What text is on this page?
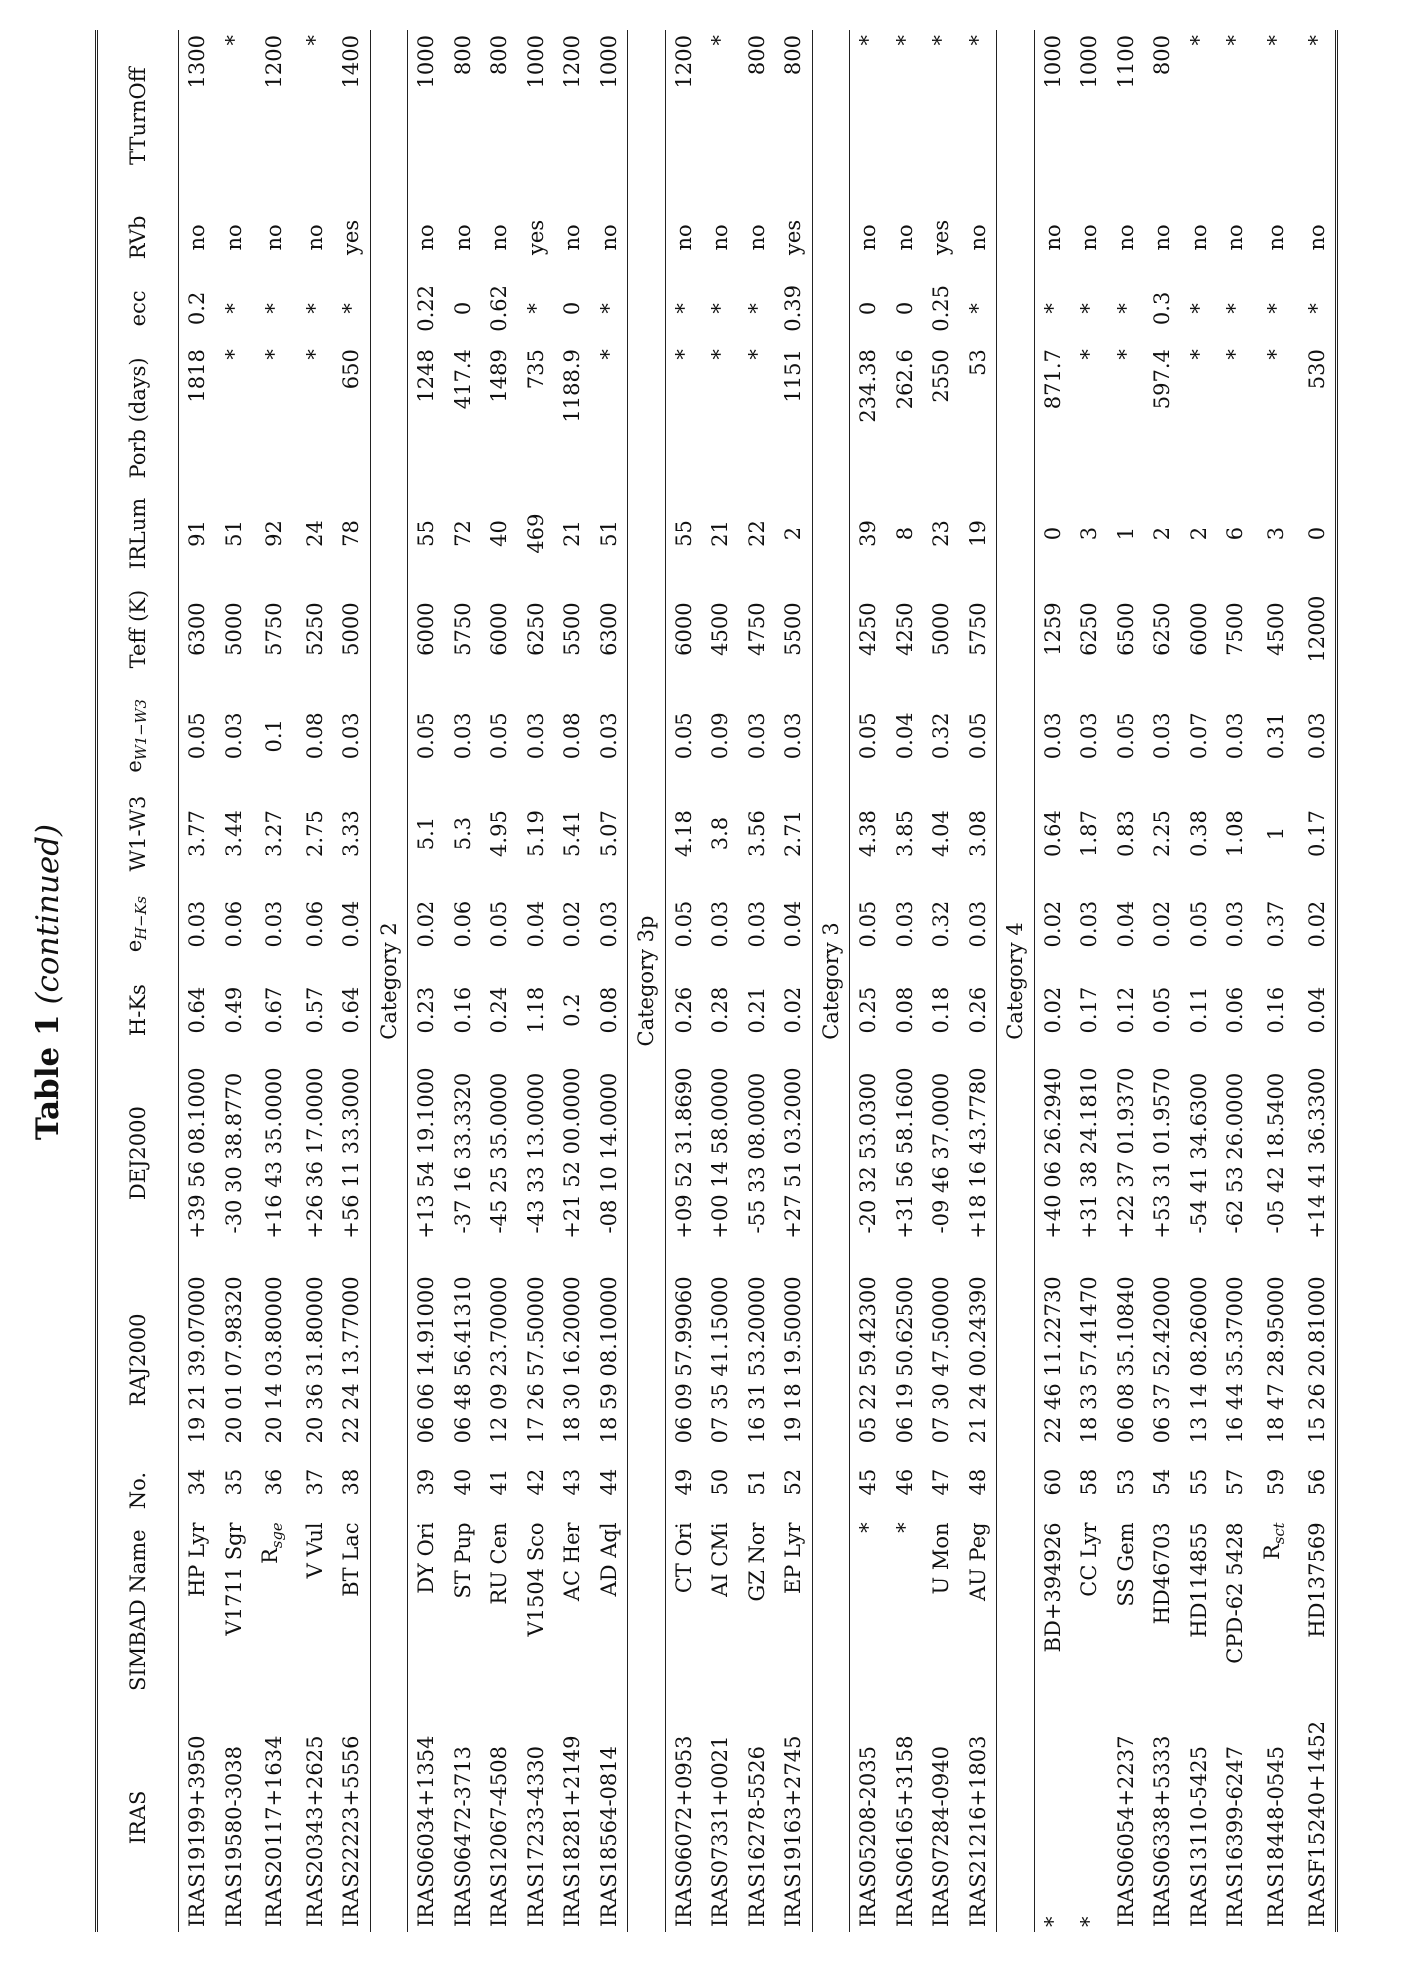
Table 1 (continued)
IRAS	SIMBAD Name	No.	RAJ2000	DEJ2000	H-Ks	$e_{H-Ks}$	W1-W3	$e_{W1-W3}$	Teff (K)	IRLum	Porb (days)	ecc	RVb	TTurnOff
IRAS19199+3950	HP Lyr	34	19 21 39.07000	+39 56 08.1000	0.64	0.03	3.77	0.05	6300	91	1818	0.2	no	1300
IRAS19580-3038	V1711 Sgr	35	20 01 07.98320	-30 30 38.8770	0.49	0.06	3.44	0.03	5000	51	*	*	no	*
IRAS20117+1634	$R_{sge}$	36	20 14 03.80000	+16 43 35.0000	0.67	0.03	3.27	0.1	5750	92	*	*	no	1200
IRAS20343+2625	V Vul	37	20 36 31.80000	+26 36 17.0000	0.57	0.06	2.75	0.08	5250	24	*	*	no	*
IRAS22223+5556	BT Lac	38	22 24 13.77000	+56 11 33.3000	0.64	0.04	3.33	0.03	5000	78	650	*	yes	1400
Category 2														
IRAS06034+1354	DY Ori	39	06 06 14.91000	+13 54 19.1000	0.23	0.02	5.1	0.05	6000	55	1248	0.22	no	1000
IRAS06472-3713	ST Pup	40	06 48 56.41310	-37 16 33.3320	0.16	0.06	5.3	0.03	5750	72	417.4	0	no	800
IRAS12067-4508	RU Cen	41	12 09 23.70000	-45 25 35.0000	0.24	0.05	4.95	0.05	6000	40	1489	0.62	no	800
IRAS17233-4330	V1504 Sco	42	17 26 57.50000	-43 33 13.0000	1.18	0.04	5.19	0.03	6250	469	735	*	yes	1000
IRAS18281+2149	AC Her	43	18 30 16.20000	+21 52 00.0000	0.2	0.02	5.41	0.08	5500	21	1188.9	0	no	1200
IRAS18564-0814	AD Aql	44	18 59 08.10000	-08 10 14.0000	0.08	0.03	5.07	0.03	6300	51	*	*	no	1000
Category 3p														
IRAS06072+0953	CT Ori	49	06 09 57.99060	+09 52 31.8690	0.26	0.05	4.18	0.05	6000	55	*	*	no	1200
IRAS07331+0021	AI CMi	50	07 35 41.15000	+00 14 58.0000	0.28	0.03	3.8	0.09	4500	21	*	*	no	*
IRAS16278-5526	GZ Nor	51	16 31 53.20000	-55 33 08.0000	0.21	0.03	3.56	0.03	4750	22	*	*	no	800
IRAS19163+2745	EP Lyr	52	19 18 19.50000	+27 51 03.2000	0.02	0.04	2.71	0.03	5500	2	1151	0.39	yes	800
Category 3														
IRAS05208-2035	*	45	05 22 59.42300	-20 32 53.0300	0.25	0.05	4.38	0.05	4250	39	234.38	0	no	*
IRAS06165+3158	*	46	06 19 50.62500	+31 56 58.1600	0.08	0.03	3.85	0.04	4250	8	262.6	0	no	*
IRAS07284-0940	U Mon	47	07 30 47.50000	-09 46 37.0000	0.18	0.32	4.04	0.32	5000	23	2550	0.25	yes	*
IRAS21216+1803	AU Peg	48	21 24 00.24390	+18 16 43.7780	0.26	0.03	3.08	0.05	5750	19	53	*	no	*
Category 4														
*	BD+394926	60	22 46 11.22730	+40 06 26.2940	0.02	0.02	0.64	0.03	1259	0	871.7	*	no	1000
*	CC Lyr	58	18 33 57.41470	+31 38 24.1810	0.17	0.03	1.87	0.03	6250	3	*	*	no	1000
IRAS06054+2237	SS Gem	53	06 08 35.10840	+22 37 01.9370	0.12	0.04	0.83	0.05	6500	1	*	*	no	1100
IRAS06338+5333	HD46703	54	06 37 52.42000	+53 31 01.9570	0.05	0.02	2.25	0.03	6250	2	597.4	0.3	no	800
IRAS13110-5425	HD114855	55	13 14 08.26000	-54 41 34.6300	0.11	0.05	0.38	0.07	6000	2	*	*	no	*
IRAS16399-6247	CPD-62 5428	57	16 44 35.37000	-62 53 26.0000	0.06	0.03	1.08	0.03	7500	6	*	*	no	*
IRAS18448-0545	$R_{sct}$	59	18 47 28.95000	-05 42 18.5400	0.16	0.37	1	0.31	4500	3	*	*	no	*
IRASF15240+1452	HD137569	56	15 26 20.81000	+14 41 36.3300	0.04	0.02	0.17	0.03	12000	0	530	*	no	*
